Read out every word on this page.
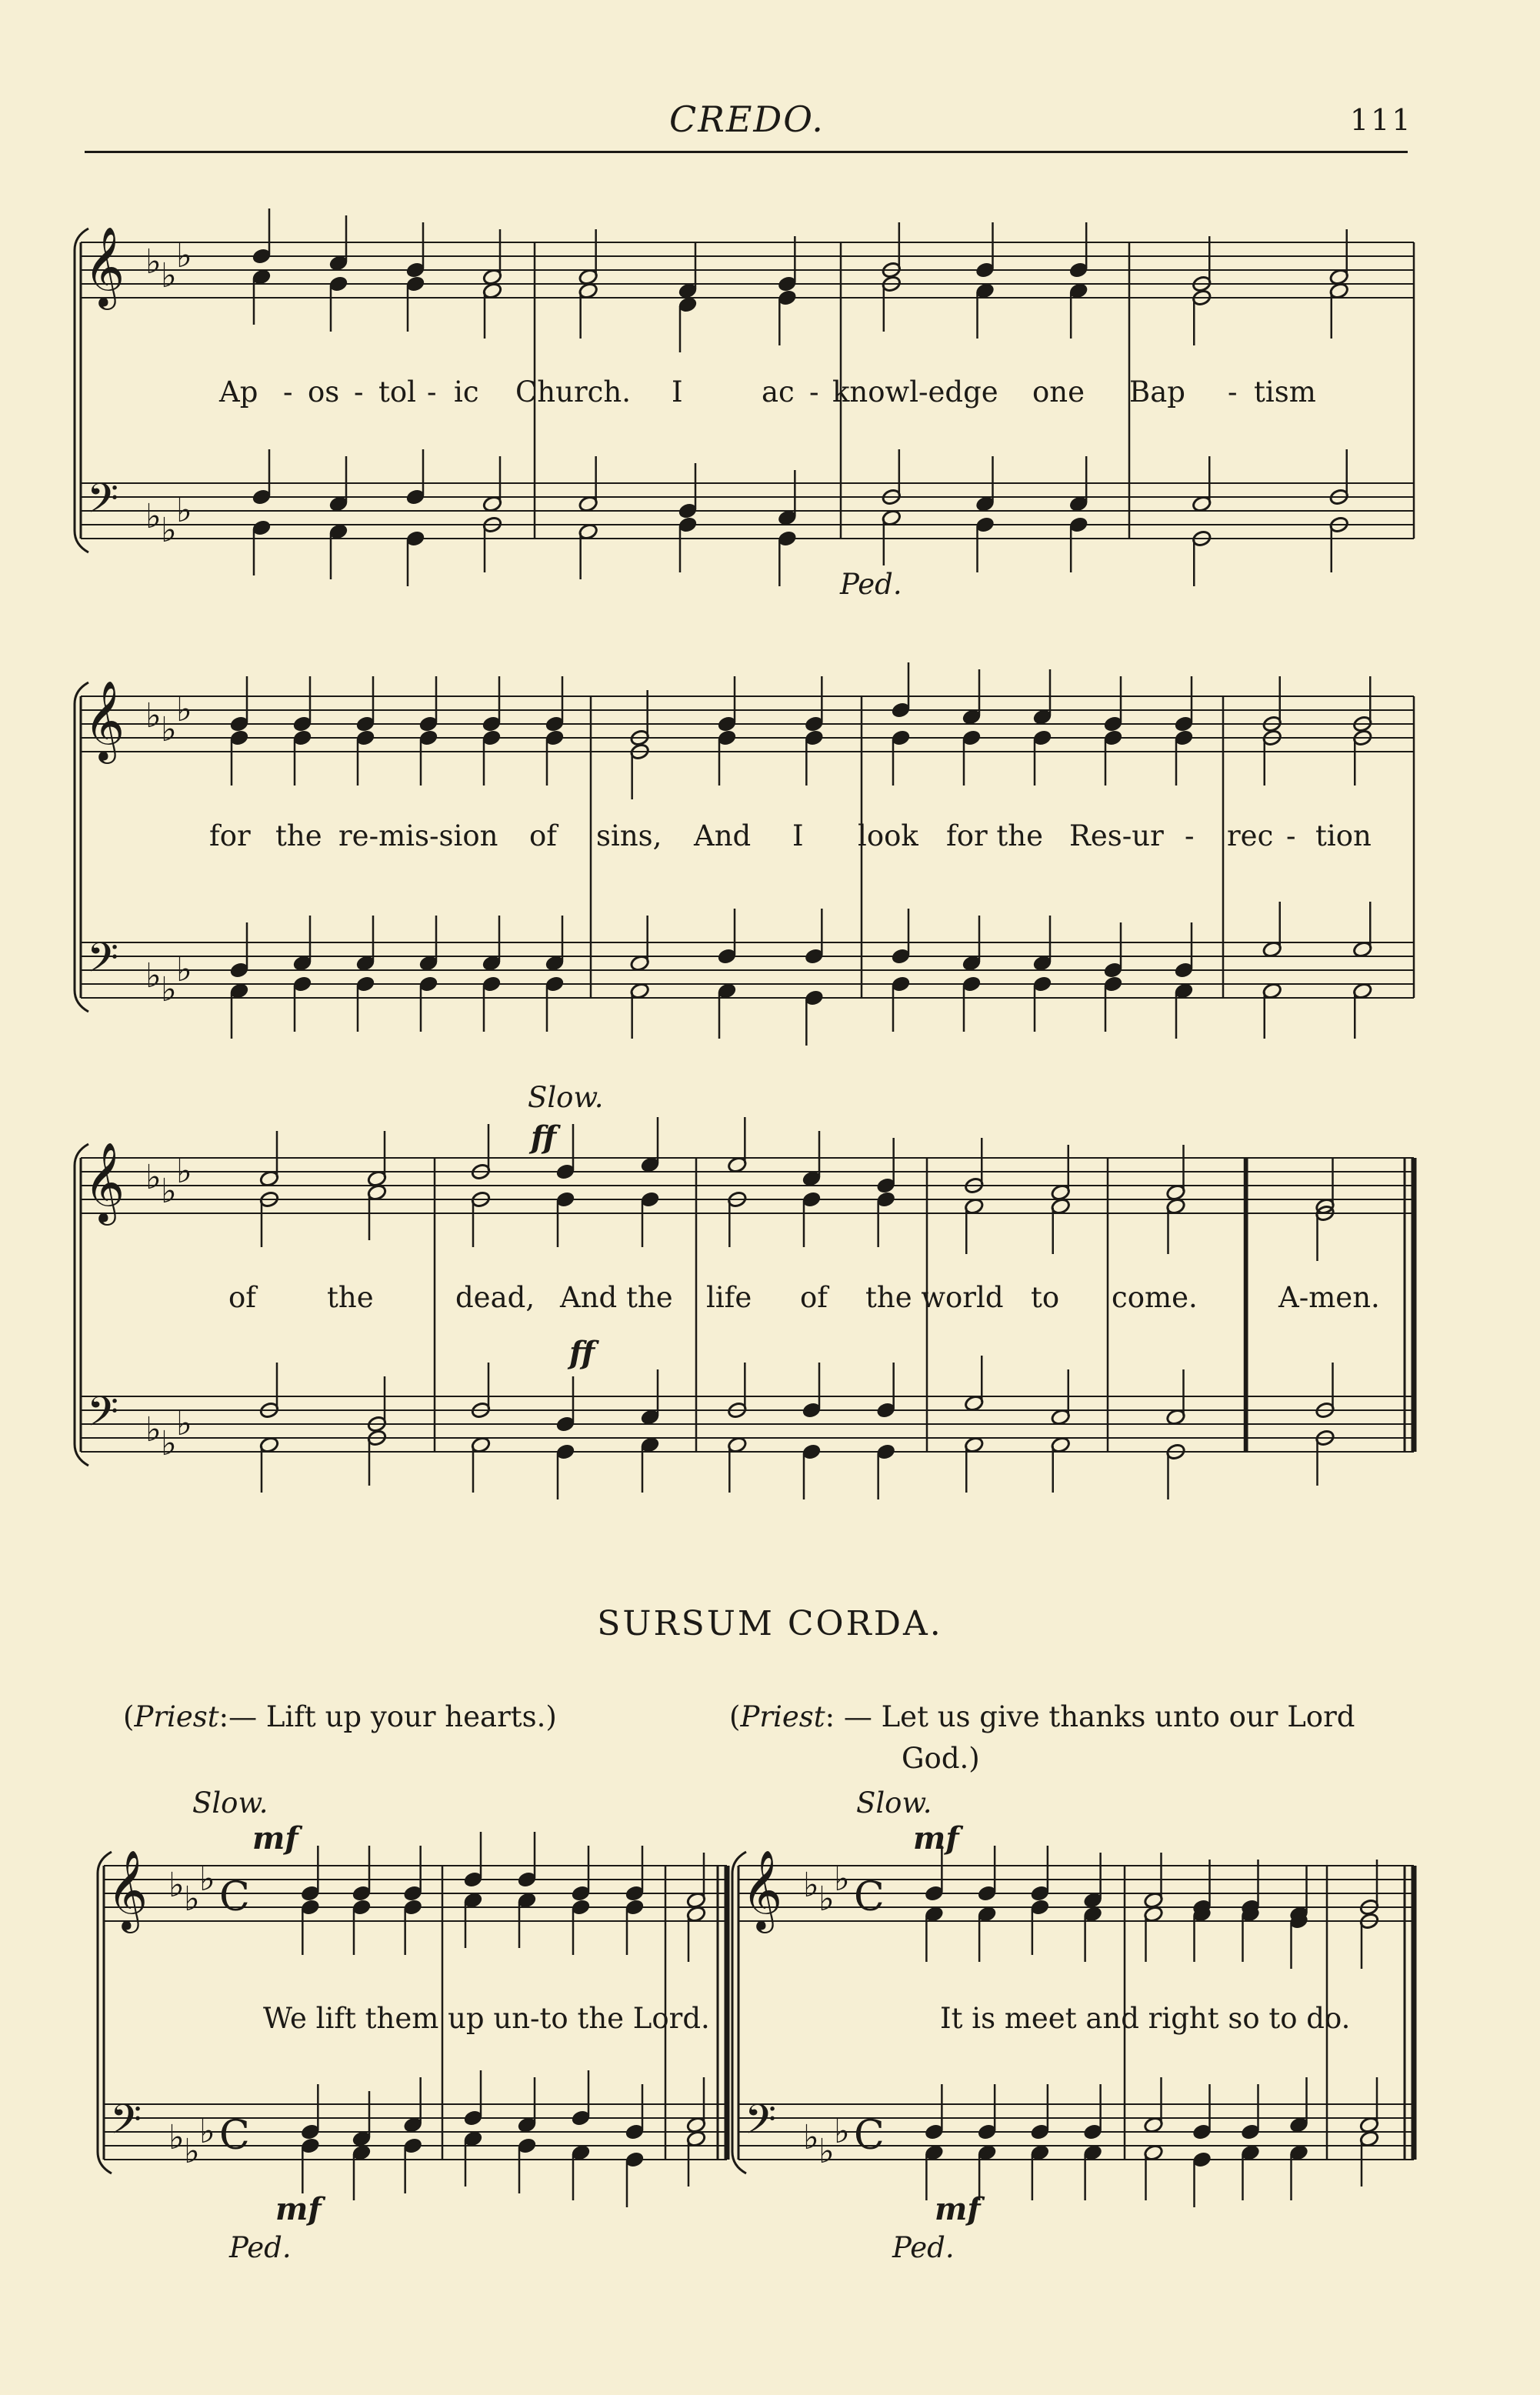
CREDO.	111
𝄞
𝄢
♭ ♭
♭
♭ ♭
♭
𝄞
𝄢
♭ ♭
♭
♭ ♭
♭
𝄞
𝄢
♭ ♭
♭
♭ ♭
♭
𝄞
𝄢
♭ ♭
♭
♭ ♭
♭
C
C
𝄞
𝄢
♭ ♭
♭
♭ ♭
♭
C
C
Ap - os - tol - ic Church. I	ac - knowl-edge one Bap - tism
Ped.
for the re-mis-sion of sins, And I look for the Res-ur - rec - tion
Slow.
ff
ff
of the	dead, And the life of the world to come.	A-men.
SURSUM CORDA.
(Priest:— Lift up your hearts.)	(Priest: — Let us give thanks unto our Lord
God.)
Slow.
mf
Slow.
mf
We lift them up un-to the Lord.	It is meet and right so to do.
mf
Ped.
mf
Ped.
